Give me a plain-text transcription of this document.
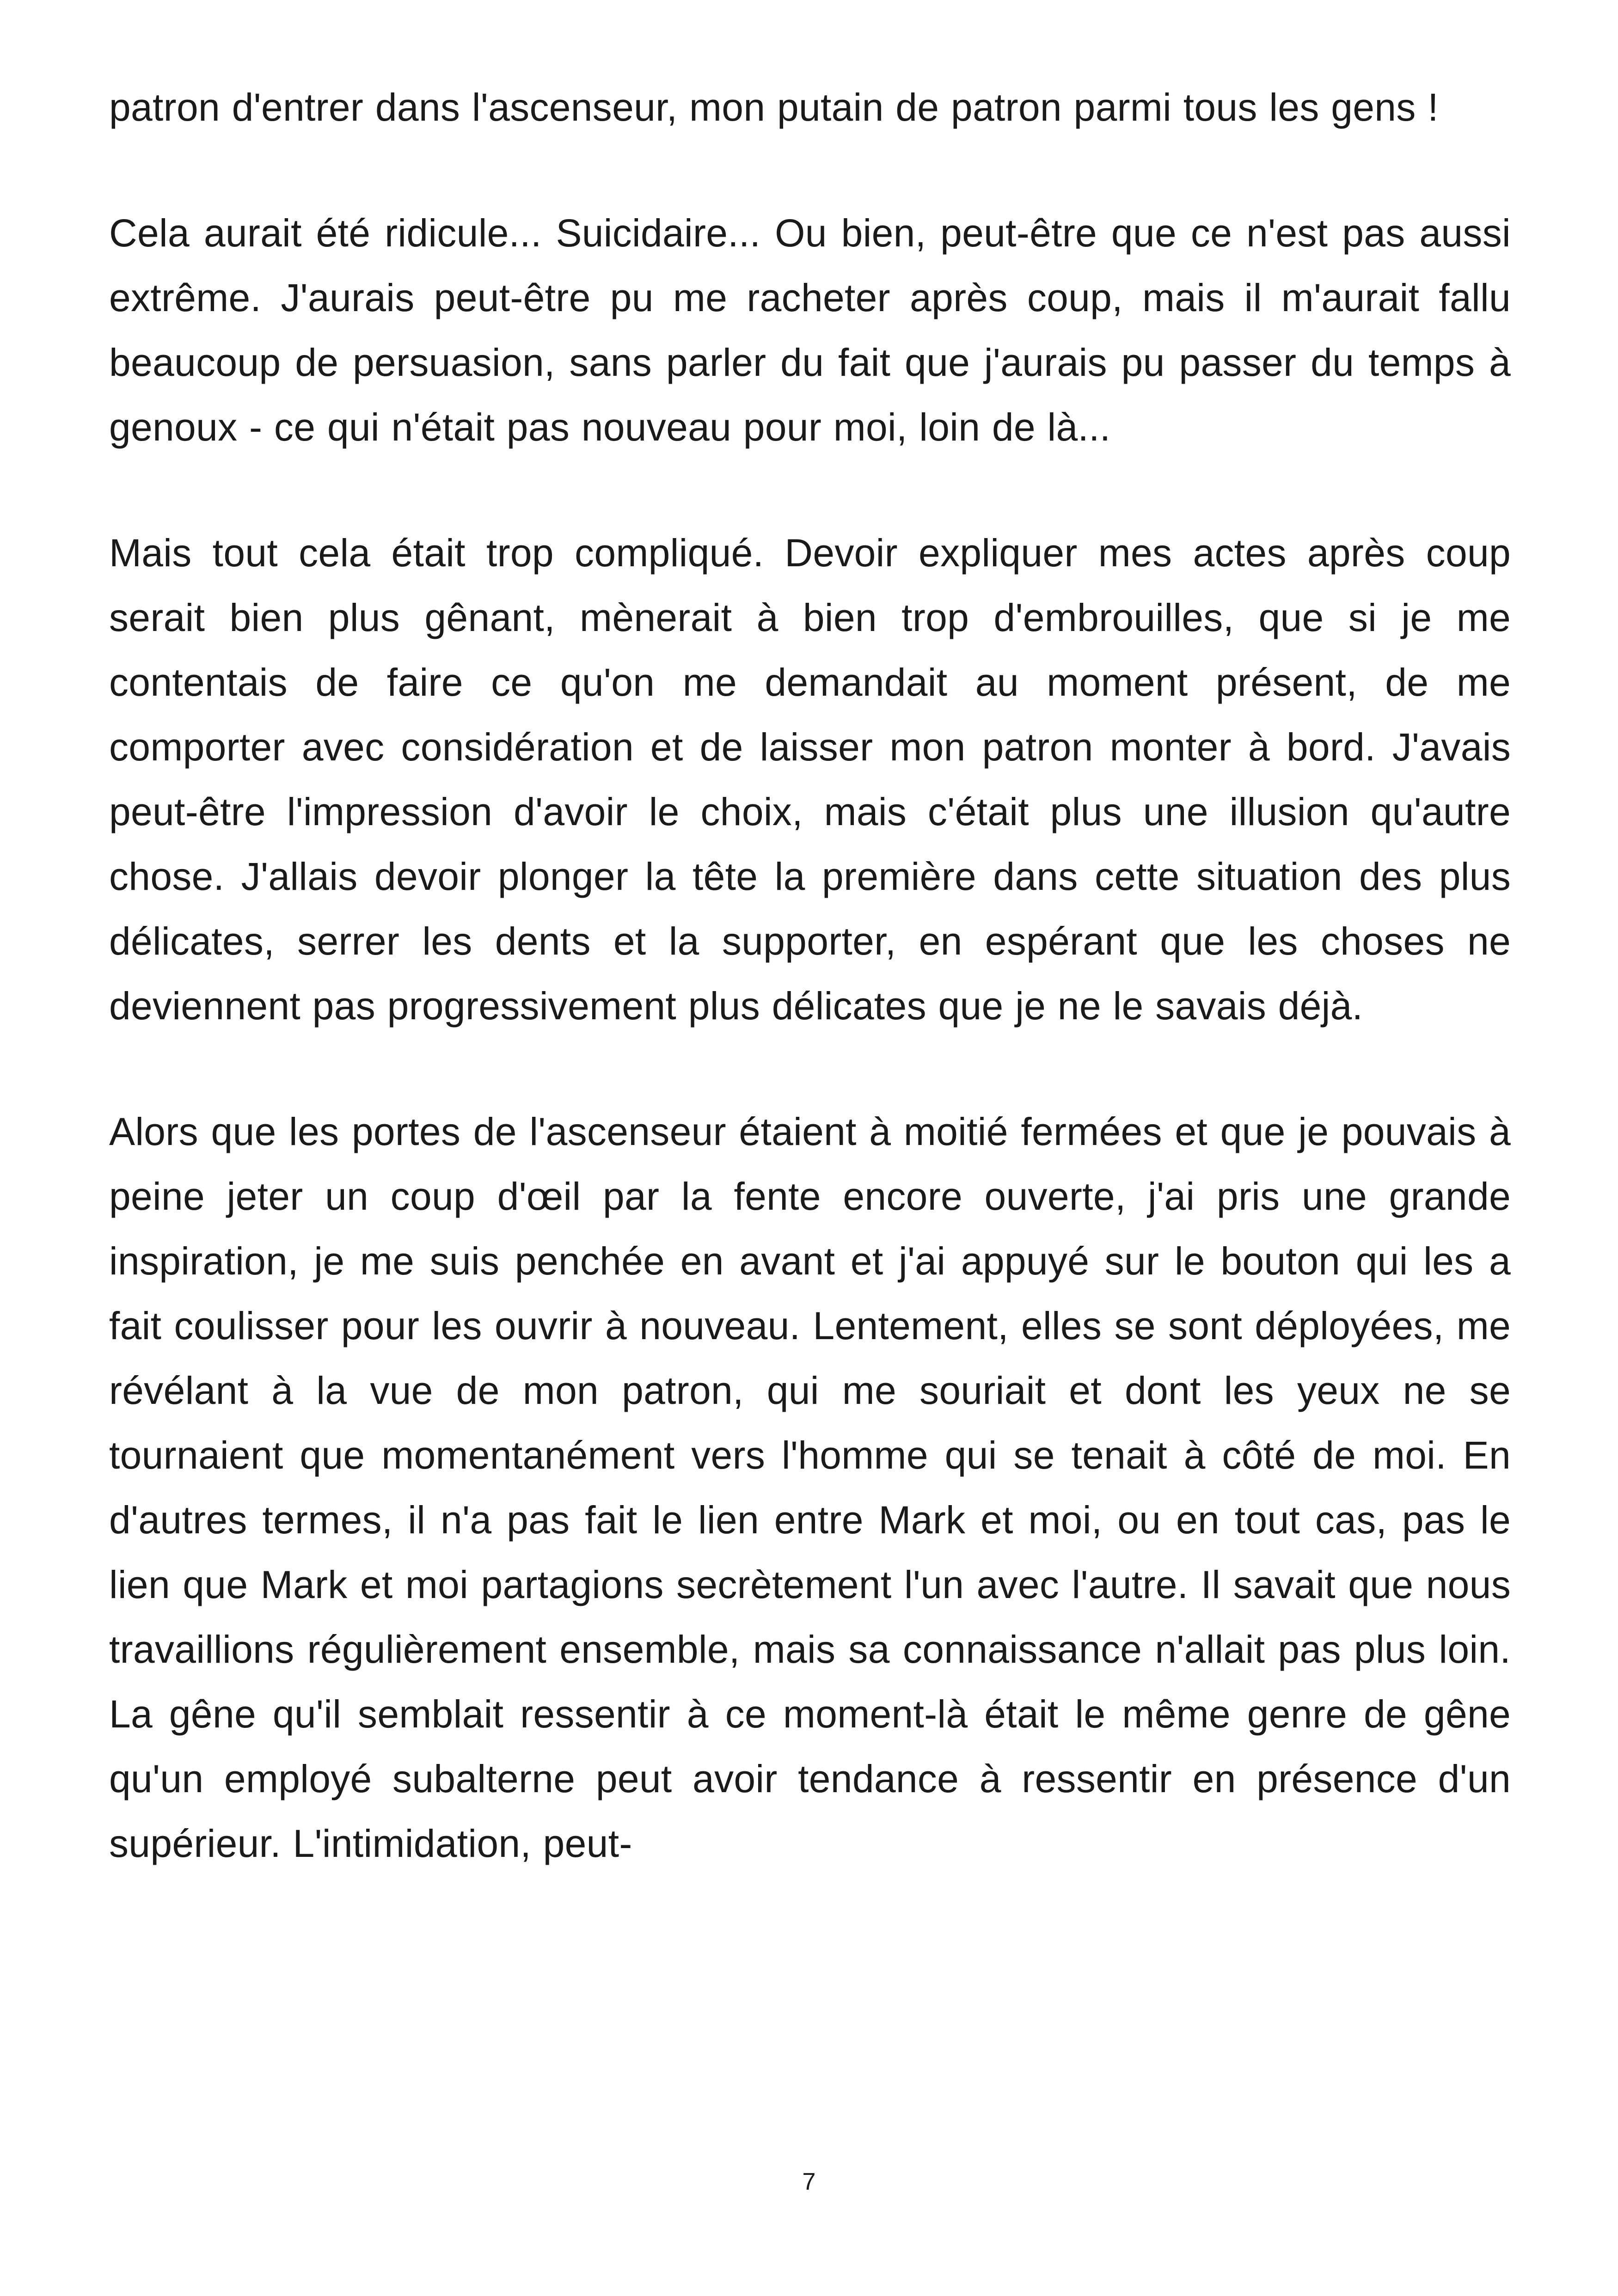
patron d'entrer dans l'ascenseur, mon putain de patron parmi tous les gens !

Cela aurait été ridicule... Suicidaire... Ou bien, peut-être que ce n'est pas aussi extrême. J'aurais peut-être pu me racheter après coup, mais il m'aurait fallu beaucoup de persuasion, sans parler du fait que j'aurais pu passer du temps à genoux - ce qui n'était pas nouveau pour moi, loin de là...

Mais tout cela était trop compliqué. Devoir expliquer mes actes après coup serait bien plus gênant, mènerait à bien trop d'embrouilles, que si je me contentais de faire ce qu'on me demandait au moment présent, de me comporter avec considération et de laisser mon patron monter à bord. J'avais peut-être l'impression d'avoir le choix, mais c'était plus une illusion qu'autre chose. J'allais devoir plonger la tête la première dans cette situation des plus délicates, serrer les dents et la supporter, en espérant que les choses ne deviennent pas progressivement plus délicates que je ne le savais déjà.

Alors que les portes de l'ascenseur étaient à moitié fermées et que je pouvais à peine jeter un coup d'œil par la fente encore ouverte, j'ai pris une grande inspiration, je me suis penchée en avant et j'ai appuyé sur le bouton qui les a fait coulisser pour les ouvrir à nouveau. Lentement, elles se sont déployées, me révélant à la vue de mon patron, qui me souriait et dont les yeux ne se tournaient que momentanément vers l'homme qui se tenait à côté de moi. En d'autres termes, il n'a pas fait le lien entre Mark et moi, ou en tout cas, pas le lien que Mark et moi partagions secrètement l'un avec l'autre. Il savait que nous travaillions régulièrement ensemble, mais sa connaissance n'allait pas plus loin. La gêne qu'il semblait ressentir à ce moment-là était le même genre de gêne qu'un employé subalterne peut avoir tendance à ressentir en présence d'un supérieur. L'intimidation, peut-

7
